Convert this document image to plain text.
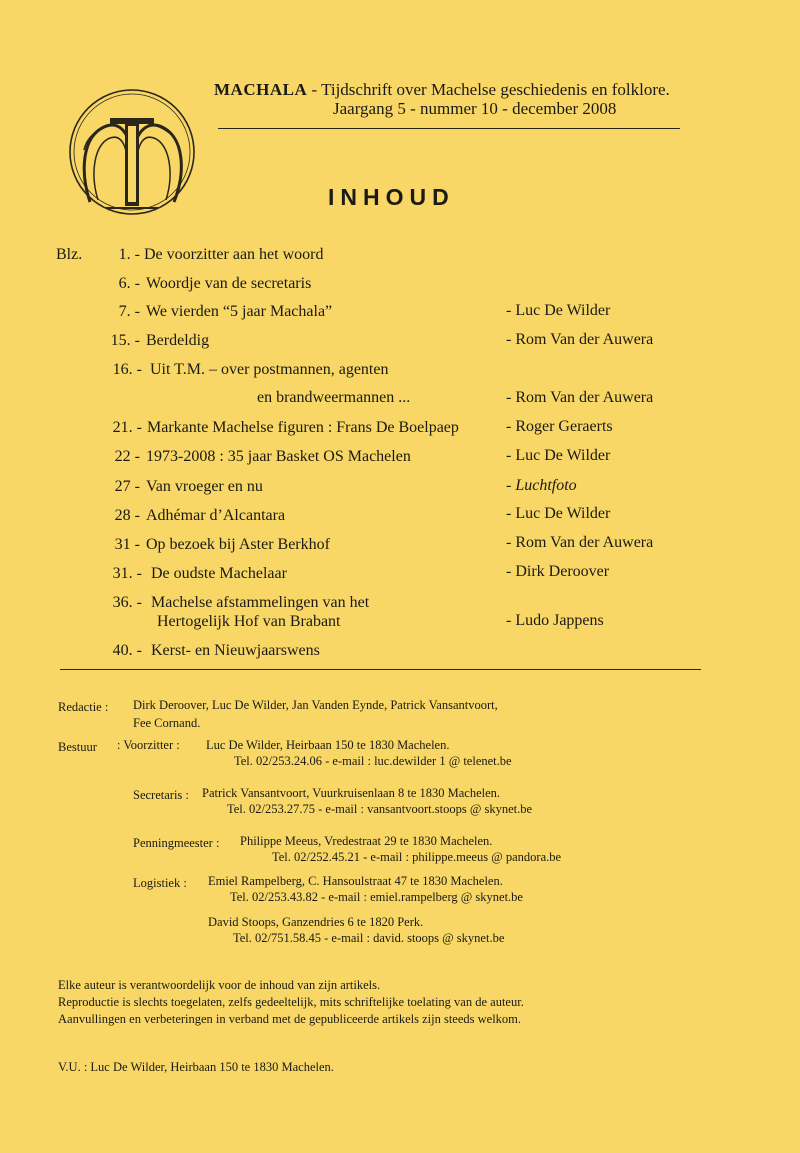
MACHALA - Tijdschrift over Machelse geschiedenis en folklore.
Jaargang 5 - nummer 10 - december 2008
INHOUD
Blz.	1. - De voorzitter aan het woord
6. - Woordje van de secretaris
7. - We vierden “5 jaar Machala”	- Luc De Wilder
15. - Berdeldig	- Rom Van der Auwera
16. - Uit T.M. – over postmannen, agenten
en brandweermannen ...	- Rom Van der Auwera
21. - Markante Machelse figuren : Frans De Boelpaep	- Roger Geraerts
22 - 1973-2008 : 35 jaar Basket OS Machelen	- Luc De Wilder
27 - Van vroeger en nu	- Luchtfoto
28 - Adhémar d’Alcantara	- Luc De Wilder
31 - Op bezoek bij Aster Berkhof	- Rom Van der Auwera
31. - De oudste Machelaar	- Dirk Deroover
36. - Machelse afstammelingen van het
Hertogelijk Hof van Brabant	- Ludo Jappens
40. - Kerst- en Nieuwjaarswens
Redactie : Dirk Deroover, Luc De Wilder, Jan Vanden Eynde, Patrick Vansantvoort,
Fee Cornand.
Bestuur : Voorzitter : Luc De Wilder, Heirbaan 150 te 1830 Machelen.
Tel. 02/253.24.06 - e-mail : luc.dewilder 1 @ telenet.be
Secretaris : Patrick Vansantvoort, Vuurkruisenlaan 8 te 1830 Machelen.
Tel. 02/253.27.75 - e-mail : vansantvoort.stoops @ skynet.be
Penningmeester : Philippe Meeus, Vredestraat 29 te 1830 Machelen.
Tel. 02/252.45.21 - e-mail : philippe.meeus @ pandora.be
Logistiek : Emiel Rampelberg, C. Hansoulstraat 47 te 1830 Machelen.
Tel. 02/253.43.82 - e-mail : emiel.rampelberg @ skynet.be
David Stoops, Ganzendries 6 te 1820 Perk.
Tel. 02/751.58.45 - e-mail : david. stoops @ skynet.be
Elke auteur is verantwoordelijk voor de inhoud van zijn artikels.
Reproductie is slechts toegelaten, zelfs gedeeltelijk, mits schriftelijke toelating van de auteur.
Aanvullingen en verbeteringen in verband met de gepubliceerde artikels zijn steeds welkom.
V.U. : Luc De Wilder, Heirbaan 150 te 1830 Machelen.
